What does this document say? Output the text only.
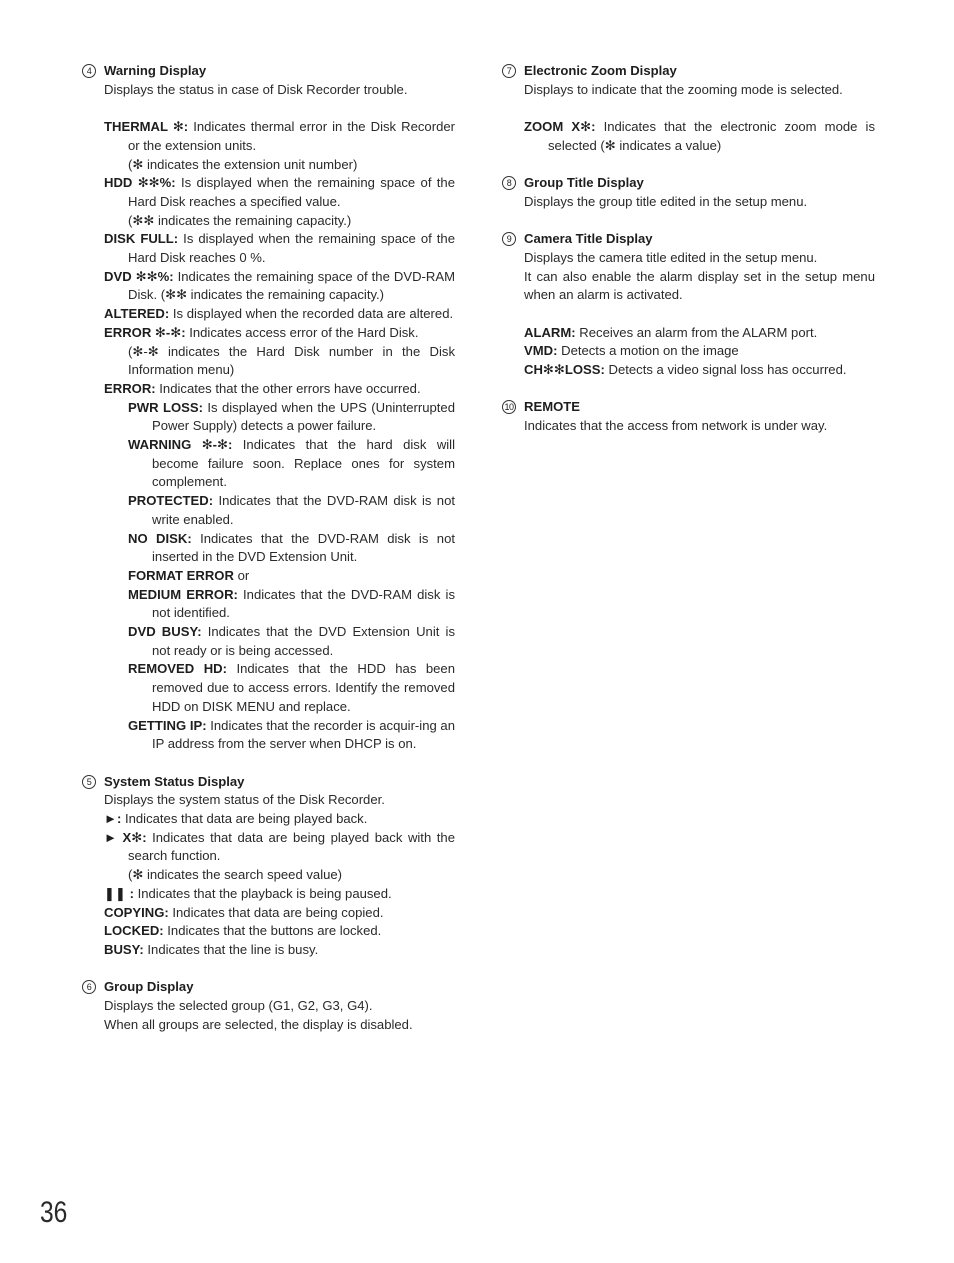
4 Warning Display
Displays the status in case of Disk Recorder trouble.
THERMAL ✻: Indicates thermal error in the Disk Recorder or the extension units.
(✻ indicates the extension unit number)
HDD ✻✻%: Is displayed when the remaining space of the Hard Disk reaches a specified value.
(✻✻ indicates the remaining capacity.)
DISK FULL: Is displayed when the remaining space of the Hard Disk reaches 0 %.
DVD ✻✻%: Indicates the remaining space of the DVD-RAM Disk. (✻✻ indicates the remaining capacity.)
ALTERED: Is displayed when the recorded data are altered.
ERROR ✻-✻: Indicates access error of the Hard Disk.
(✻-✻ indicates the Hard Disk number in the Disk Information menu)
ERROR: Indicates that the other errors have occurred.
PWR LOSS: Is displayed when the UPS (Uninterrupted Power Supply) detects a power failure.
WARNING ✻-✻: Indicates that the hard disk will become failure soon. Replace ones for system complement.
PROTECTED: Indicates that the DVD-RAM disk is not write enabled.
NO DISK: Indicates that the DVD-RAM disk is not inserted in the DVD Extension Unit.
FORMAT ERROR or
MEDIUM ERROR: Indicates that the DVD-RAM disk is not identified.
DVD BUSY: Indicates that the DVD Extension Unit is not ready or is being accessed.
REMOVED HD: Indicates that the HDD has been removed due to access errors. Identify the removed HDD on DISK MENU and replace.
GETTING IP: Indicates that the recorder is acquir-ing an IP address from the server when DHCP is on.
5 System Status Display
Displays the system status of the Disk Recorder.
►: Indicates that data are being played back.
► X✻: Indicates that data are being played back with the search function.
(✻ indicates the search speed value)
❚❚ : Indicates that the playback is being paused.
COPYING: Indicates that data are being copied.
LOCKED: Indicates that the buttons are locked.
BUSY: Indicates that the line is busy.
6 Group Display
Displays the selected group (G1, G2, G3, G4).
When all groups are selected, the display is disabled.
7 Electronic Zoom Display
Displays to indicate that the zooming mode is selected.
ZOOM X✻: Indicates that the electronic zoom mode is selected (✻ indicates a value)
8 Group Title Display
Displays the group title edited in the setup menu.
9 Camera Title Display
Displays the camera title edited in the setup menu.
It can also enable the alarm display set in the setup menu when an alarm is activated.
ALARM: Receives an alarm from the ALARM port.
VMD: Detects a motion on the image
CH✻✻LOSS: Detects a video signal loss has occurred.
10 REMOTE
Indicates that the access from network is under way.
36
